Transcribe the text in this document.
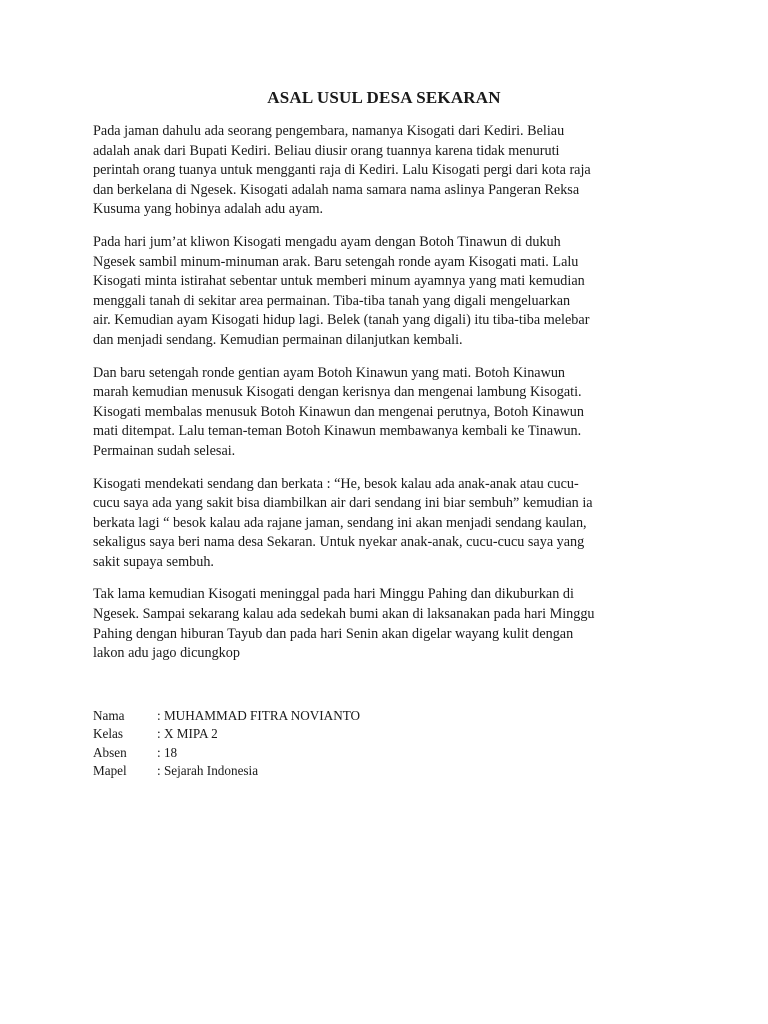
ASAL USUL DESA SEKARAN

Pada jaman dahulu ada seorang pengembara, namanya Kisogati dari Kediri. Beliau
adalah anak dari Bupati Kediri. Beliau diusir orang tuannya karena tidak menuruti
perintah orang tuanya untuk mengganti raja di Kediri. Lalu Kisogati pergi dari kota raja
dan berkelana di Ngesek. Kisogati adalah nama samara nama aslinya Pangeran Reksa
Kusuma yang hobinya adalah adu ayam.

Pada hari jum’at kliwon Kisogati mengadu ayam dengan Botoh Tinawun di dukuh
Ngesek sambil minum-minuman arak. Baru setengah ronde ayam Kisogati mati. Lalu
Kisogati minta istirahat sebentar untuk memberi minum ayamnya yang mati kemudian
menggali tanah di sekitar area permainan. Tiba-tiba tanah yang digali mengeluarkan
air. Kemudian ayam Kisogati hidup lagi. Belek (tanah yang digali) itu tiba-tiba melebar
dan menjadi sendang. Kemudian permainan dilanjutkan kembali.

Dan baru setengah ronde gentian ayam Botoh Kinawun yang mati. Botoh Kinawun
marah kemudian menusuk Kisogati dengan kerisnya dan mengenai lambung Kisogati.
Kisogati membalas menusuk Botoh Kinawun dan mengenai perutnya, Botoh Kinawun
mati ditempat. Lalu teman-teman Botoh Kinawun membawanya kembali ke Tinawun.
Permainan sudah selesai.

Kisogati mendekati sendang dan berkata : “He, besok kalau ada anak-anak atau cucu-
cucu saya ada yang sakit bisa diambilkan air dari sendang ini biar sembuh” kemudian ia
berkata lagi “ besok kalau ada rajane jaman, sendang ini akan menjadi sendang kaulan,
sekaligus saya beri nama desa Sekaran. Untuk nyekar anak-anak, cucu-cucu saya yang
sakit supaya sembuh.

Tak lama kemudian Kisogati meninggal pada hari Minggu Pahing dan dikuburkan di
Ngesek. Sampai sekarang kalau ada sedekah bumi akan di laksanakan pada hari Minggu
Pahing dengan hiburan Tayub dan pada hari Senin akan digelar wayang kulit dengan
lakon adu jago dicungkop

Nama	: MUHAMMAD FITRA NOVIANTO
Kelas	: X MIPA 2
Absen	: 18
Mapel	: Sejarah Indonesia
